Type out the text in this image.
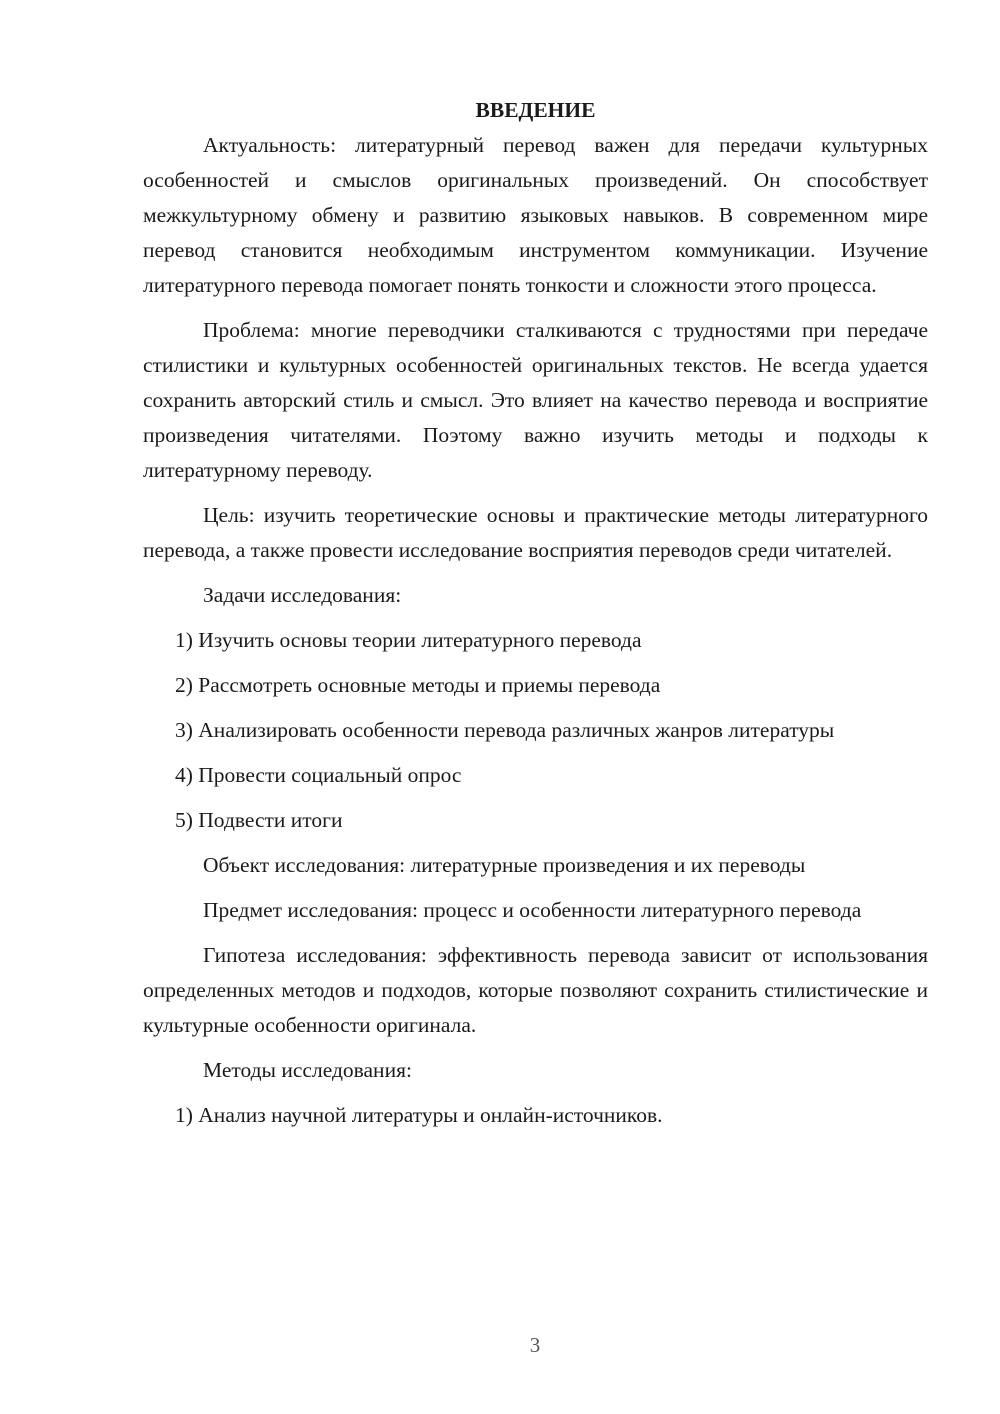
ВВЕДЕНИЕ

Актуальность: литературный перевод важен для передачи культурных особенностей и смыслов оригинальных произведений. Он способствует межкультурному обмену и развитию языковых навыков. В современном мире перевод становится необходимым инструментом коммуникации. Изучение литературного перевода помогает понять тонкости и сложности этого процесса.

Проблема: многие переводчики сталкиваются с трудностями при передаче стилистики и культурных особенностей оригинальных текстов. Не всегда удается сохранить авторский стиль и смысл. Это влияет на качество перевода и восприятие произведения читателями. Поэтому важно изучить методы и подходы к литературному переводу.

Цель: изучить теоретические основы и практические методы литературного перевода, а также провести исследование восприятия переводов среди читателей.

Задачи исследования:

1) Изучить основы теории литературного перевода

2) Рассмотреть основные методы и приемы перевода

3) Анализировать особенности перевода различных жанров литературы

4) Провести социальный опрос

5) Подвести итоги

Объект исследования: литературные произведения и их переводы

Предмет исследования: процесс и особенности литературного перевода

Гипотеза исследования: эффективность перевода зависит от использования определенных методов и подходов, которые позволяют сохранить стилистические и культурные особенности оригинала.

Методы исследования:

1) Анализ научной литературы и онлайн-источников.

3
